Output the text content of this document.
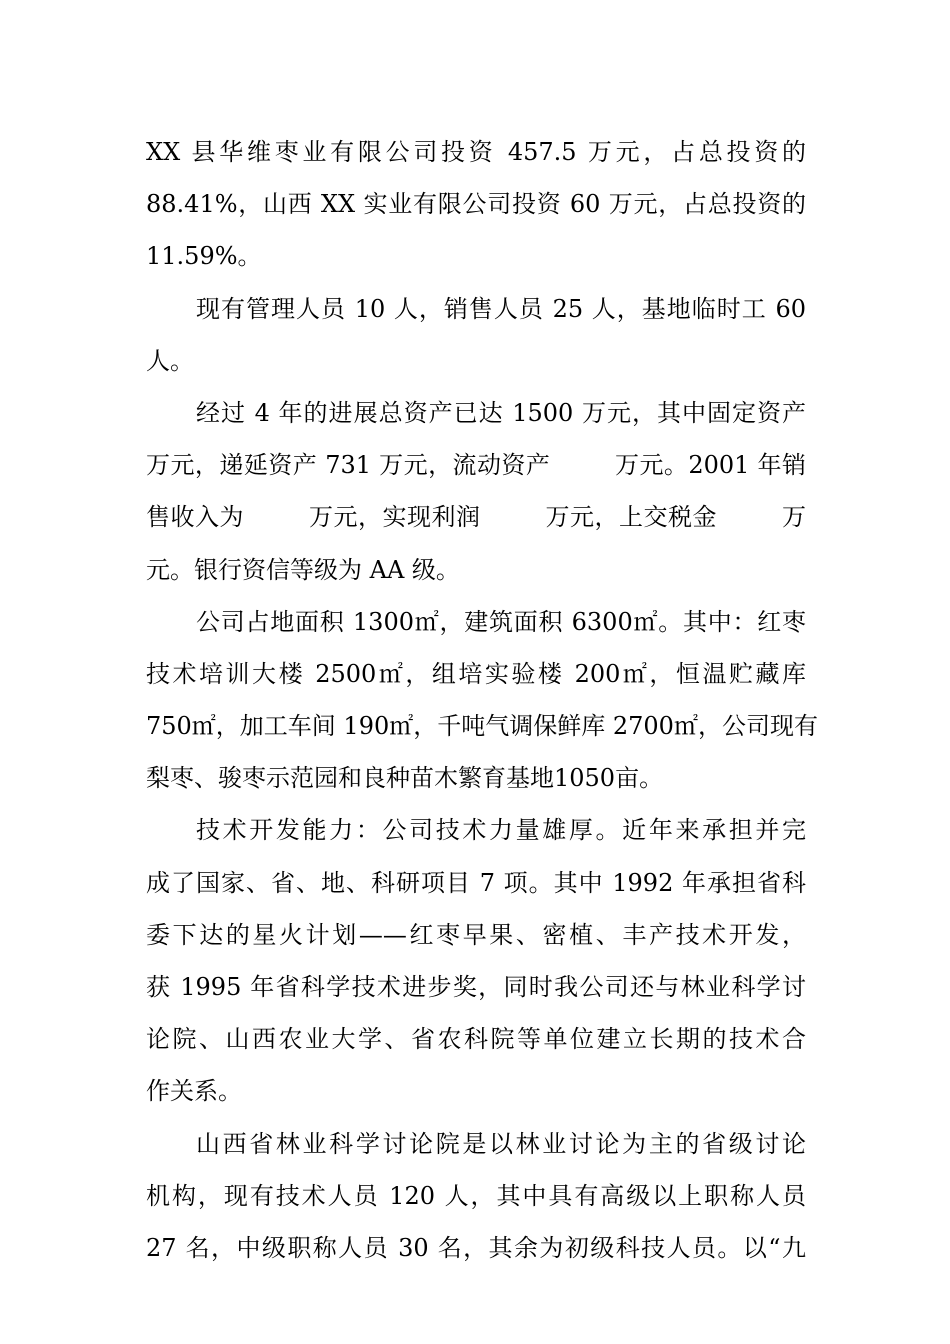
XX 县华维枣业有限公司投资 457.5 万元，占总投资的
88.41%，山西 XX 实业有限公司投资 60 万元，占总投资的
11.59%。
现有管理人员 10 人，销售人员 25 人，基地临时工 60
人。
经过 4 年的进展总资产已达 1500 万元，其中固定资产
万元，递延资产 731 万元，流动资产        万元。2001 年销
售收入为        万元，实现利润        万元，上交税金        万
元。银行资信等级为 AA 级。
公司占地面积 1300㎡，建筑面积 6300㎡。其中：红枣
技术培训大楼 2500㎡，组培实验楼 200㎡，恒温贮藏库
750㎡，加工车间 190㎡，千吨气调保鲜库 2700㎡，公司现有
梨枣、骏枣示范园和良种苗木繁育基地1050亩。
技术开发能力：公司技术力量雄厚。近年来承担并完
成了国家、省、地、科研项目 7 项。其中 1992 年承担省科
委下达的星火计划——红枣早果、密植、丰产技术开发，
获 1995 年省科学技术进步奖，同时我公司还与林业科学讨
论院、山西农业大学、省农科院等单位建立长期的技术合
作关系。
山西省林业科学讨论院是以林业讨论为主的省级讨论
机构，现有技术人员 120 人，其中具有高级以上职称人员
27 名，中级职称人员 30 名，其余为初级科技人员。以“九
